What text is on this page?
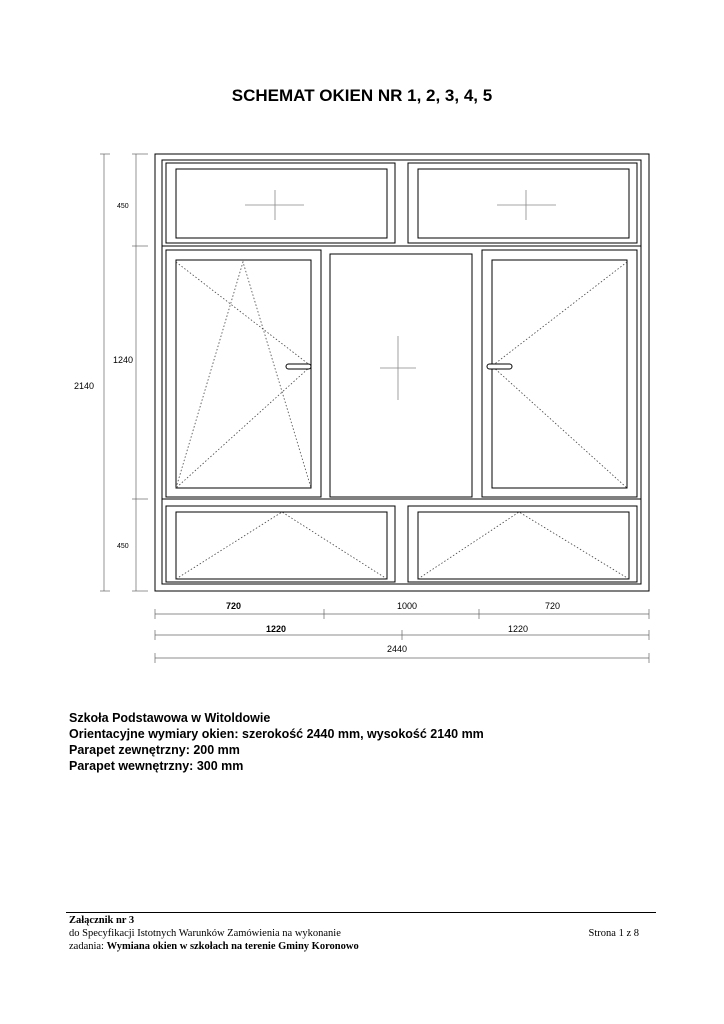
SCHEMAT OKIEN NR 1, 2, 3, 4, 5
450
1240
2140
450
720	1000	720
1220	1220
2440
Szkoła Podstawowa w Witoldowie
Orientacyjne wymiary okien: szerokość 2440 mm, wysokość 2140 mm
Parapet zewnętrzny: 200 mm
Parapet wewnętrzny: 300 mm
Załącznik nr 3
do Specyfikacji Istotnych Warunków Zamówienia na wykonanie	Strona 1 z 8
zadania: Wymiana okien w szkołach na terenie Gminy Koronowo
